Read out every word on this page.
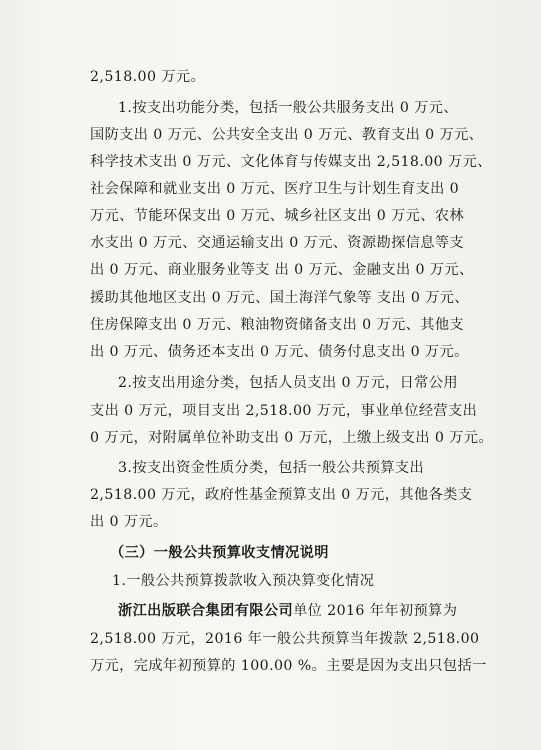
2,518.00 万元。
1.按支出功能分类，包括一般公共服务支出 0 万元、
国防支出 0 万元、公共安全支出 0 万元、教育支出 0 万元、
科学技术支出 0 万元、文化体育与传媒支出 2,518.00 万元、
社会保障和就业支出 0 万元、医疗卫生与计划生育支出 0
万元、节能环保支出 0 万元、城乡社区支出 0 万元、农林
水支出 0 万元、交通运输支出 0 万元、资源勘探信息等支
出 0 万元、商业服务业等支 出 0 万元、金融支出 0 万元、
援助其他地区支出 0 万元、国土海洋气象等 支出 0 万元、
住房保障支出 0 万元、粮油物资储备支出 0 万元、其他支
出 0 万元、债务还本支出 0 万元、债务付息支出 0 万元。
2.按支出用途分类，包括人员支出 0 万元，日常公用
支出 0 万元，项目支出 2,518.00 万元，事业单位经营支出
0 万元，对附属单位补助支出 0 万元，上缴上级支出 0 万元。
3.按支出资金性质分类，包括一般公共预算支出
2,518.00 万元，政府性基金预算支出 0 万元，其他各类支
出 0 万元。
（三）一般公共预算收支情况说明
1.一般公共预算拨款收入预决算变化情况
浙江出版联合集团有限公司单位 2016 年年初预算为
2,518.00 万元，2016 年一般公共预算当年拨款 2,518.00
万元，完成年初预算的 100.00 %。主要是因为支出只包括一
